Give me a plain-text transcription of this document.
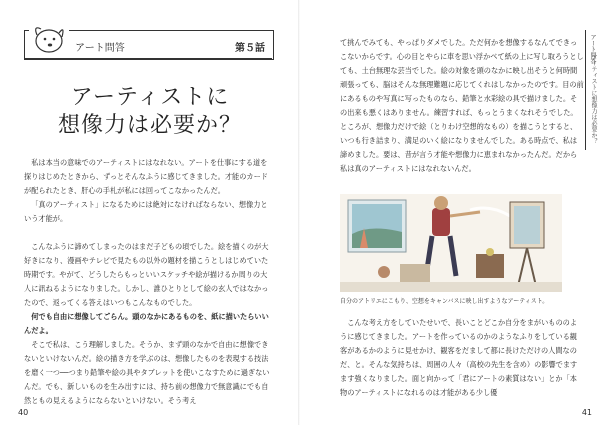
アート問答	第５話
アーティストに
想像力は必要か？

私は本当の意味でのアーティストにはなれない。アートを仕事にする道を探りはじめたときから、ずっとそんなふうに感じてきました。才能のカードが配られたとき、肝心の手札が私には回ってこなかったんだ。

「真のアーティスト」になるためには絶対になければならない、想像力という才能が。

こんなふうに諦めてしまったのはまだ子どもの頃でした。絵を描くのが大好きになり、漫画やテレビで見たもの以外の題材を描こうとしはじめていた時期です。やがて、どうしたらもっといいスケッチや絵が描けるか周りの大人に訊ねるようになりました。しかし、誰ひとりとして絵の玄人ではなかったので、返ってくる答えはいつもこんなものでした。

何でも自由に想像してごらん。頭のなかにあるものを、紙に描いたらいいんだよ。

そこで私は、こう理解しました。そうか、まず頭のなかで自由に想像できないといけないんだ。絵の描き方を学ぶのは、想像したものを表現する技法を磨く一つ──つまり鉛筆や絵の具やタブレットを使いこなすために過ぎないんだ。でも、新しいものを生み出すには、持ち前の想像力で無意識にでも自然ともの見えるようにならないといけない。そう考え

40

て挑んでみても、やっぱりダメでした。ただ何かを想像するなんてできっこないからです。心の目とやらに車を思い浮かべて紙の上に写し取ろうとしても、土台無理な芸当でした。絵の対象を頭のなかに映し出そうと何時間頑張っても、脳はそんな無理難題に応じてくれはしなかったのです。目の前にあるものや写真に写ったものなら、鉛筆と水彩絵の具で描けました。その出来も悪くはありません。練習すれば、もっとうまくなれそうでした。ところが、想像力だけで絵（とりわけ空想的なもの）を描こうとすると、いつも行き詰まり、満足のいく絵になりませんでした。ある時点で、私は諦めました。要は、昔が言う才能や想像力に恵まれなかったんだ。だから私は真のアーティストにはなれないんだ。

自分のアトリエにこもり、空想をキャンバスに映し出すようなアーティスト。

こんな考え方をしていたせいで、長いことどこか自分をまがいもののように感じてきました。アートを作っているのかのようなふりをしている観客があるかのように見せかけ、観客をだまして都に長けただけの人間なのだ、と。そんな気持ちは、周囲の人々（高校の先生を含め）の影響でますます強くなりました。面と向かって「君にアートの素質はない」とか「本物のアーティストになれるのは才能がある少し優

41
アート問答
アーティストに想像力は必要か？
